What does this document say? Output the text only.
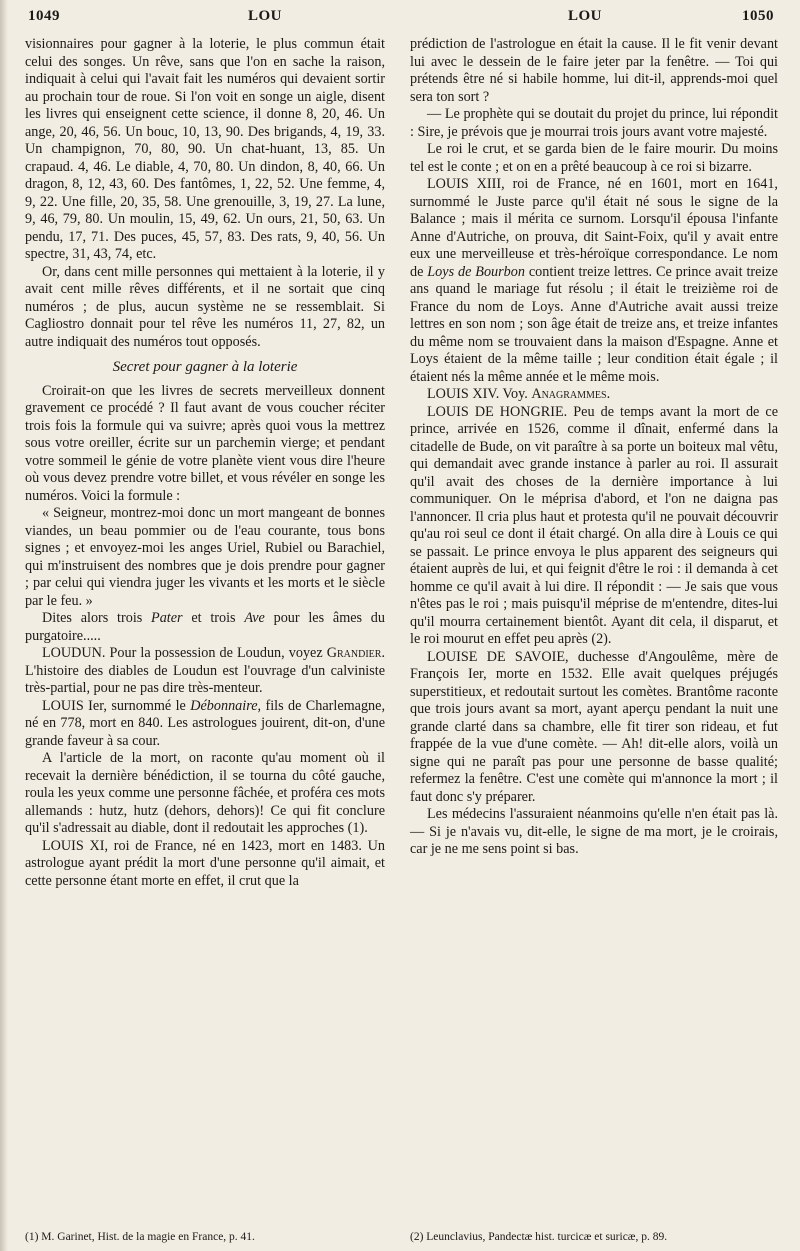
1049	LOU	LOU	1050

visionnaires pour gagner à la loterie, le plus commun était celui des songes. Un rêve, sans que l'on en sache la raison, indiquait à celui qui l'avait fait les numéros qui devaient sortir au prochain tour de roue. Si l'on voit en songe un aigle, disent les livres qui enseignent cette science, il donne 8, 20, 46. Un ange, 20, 46, 56. Un bouc, 10, 13, 90. Des brigands, 4, 19, 33. Un champignon, 70, 80, 90. Un chat-huant, 13, 85. Un crapaud. 4, 46. Le diable, 4, 70, 80. Un dindon, 8, 40, 66. Un dragon, 8, 12, 43, 60. Des fantômes, 1, 22, 52. Une femme, 4, 9, 22. Une fille, 20, 35, 58. Une grenouille, 3, 19, 27. La lune, 9, 46, 79, 80. Un moulin, 15, 49, 62. Un ours, 21, 50, 63. Un pendu, 17, 71. Des puces, 45, 57, 83. Des rats, 9, 40, 56. Un spectre, 31, 43, 74, etc.

Or, dans cent mille personnes qui mettaient à la loterie, il y avait cent mille rêves différents, et il ne sortait que cinq numéros ; de plus, aucun système ne se ressemblait. Si Cagliostro donnait pour tel rêve les numéros 11, 27, 82, un autre indiquait des numéros tout opposés.

Secret pour gagner à la loterie

Croirait-on que les livres de secrets merveilleux donnent gravement ce procédé ? Il faut avant de vous coucher réciter trois fois la formule qui va suivre; après quoi vous la mettrez sous votre oreiller, écrite sur un parchemin vierge; et pendant votre sommeil le génie de votre planète vient vous dire l'heure où vous devez prendre votre billet, et vous révéler en songe les numéros. Voici la formule :

« Seigneur, montrez-moi donc un mort mangeant de bonnes viandes, un beau pommier ou de l'eau courante, tous bons signes ; et envoyez-moi les anges Uriel, Rubiel ou Barachiel, qui m'instruisent des nombres que je dois prendre pour gagner ; par celui qui viendra juger les vivants et les morts et le siècle par le feu. »

Dites alors trois Pater et trois Ave pour les âmes du purgatoire.....

LOUDUN. Pour la possession de Loudun, voyez Grandier. L'histoire des diables de Loudun est l'ouvrage d'un calviniste très-partial, pour ne pas dire très-menteur.

LOUIS Ier, surnommé le Débonnaire, fils de Charlemagne, né en 778, mort en 840. Les astrologues jouirent, dit-on, d'une grande faveur à sa cour.

A l'article de la mort, on raconte qu'au moment où il recevait la dernière bénédiction, il se tourna du côté gauche, roula les yeux comme une personne fâchée, et proféra ces mots allemands : hutz, hutz (dehors, dehors)! Ce qui fit conclure qu'il s'adressait au diable, dont il redoutait les approches (1).

LOUIS XI, roi de France, né en 1423, mort en 1483. Un astrologue ayant prédit la mort d'une personne qu'il aimait, et cette personne étant morte en effet, il crut que la

prédiction de l'astrologue en était la cause. Il le fit venir devant lui avec le dessein de le faire jeter par la fenêtre. — Toi qui prétends être né si habile homme, lui dit-il, apprends-moi quel sera ton sort ?

— Le prophète qui se doutait du projet du prince, lui répondit : Sire, je prévois que je mourrai trois jours avant votre majesté.

Le roi le crut, et se garda bien de le faire mourir. Du moins tel est le conte ; et on en a prêté beaucoup à ce roi si bizarre.

LOUIS XIII, roi de France, né en 1601, mort en 1641, surnommé le Juste parce qu'il était né sous le signe de la Balance ; mais il mérita ce surnom. Lorsqu'il épousa l'infante Anne d'Autriche, on prouva, dit Saint-Foix, qu'il y avait entre eux une merveilleuse et très-héroïque correspondance. Le nom de Loys de Bourbon contient treize lettres. Ce prince avait treize ans quand le mariage fut résolu ; il était le treizième roi de France du nom de Loys. Anne d'Autriche avait aussi treize lettres en son nom ; son âge était de treize ans, et treize infantes du même nom se trouvaient dans la maison d'Espagne. Anne et Loys étaient de la même taille ; leur condition était égale ; il étaient nés la même année et le même mois.

LOUIS XIV. Voy. Anagrammes.

LOUIS DE HONGRIE. Peu de temps avant la mort de ce prince, arrivée en 1526, comme il dînait, enfermé dans la citadelle de Bude, on vit paraître à sa porte un boiteux mal vêtu, qui demandait avec grande instance à parler au roi. Il assurait qu'il avait des choses de la dernière importance à lui communiquer. On le méprisa d'abord, et l'on ne daigna pas l'annoncer. Il cria plus haut et protesta qu'il ne pouvait découvrir qu'au roi seul ce dont il était chargé. On alla dire à Louis ce qui se passait. Le prince envoya le plus apparent des seigneurs qui étaient auprès de lui, et qui feignit d'être le roi : il demanda à cet homme ce qu'il avait à lui dire. Il répondit : — Je sais que vous n'êtes pas le roi ; mais puisqu'il méprise de m'entendre, dites-lui qu'il mourra certainement bientôt. Ayant dit cela, il disparut, et le roi mourut en effet peu après (2).

LOUISE DE SAVOIE, duchesse d'Angoulême, mère de François Ier, morte en 1532. Elle avait quelques préjugés superstitieux, et redoutait surtout les comètes. Brantôme raconte que trois jours avant sa mort, ayant aperçu pendant la nuit une grande clarté dans sa chambre, elle fit tirer son rideau, et fut frappée de la vue d'une comète. — Ah! dit-elle alors, voilà un signe qui ne paraît pas pour une personne de basse qualité; refermez la fenêtre. C'est une comète qui m'annonce la mort ; il faut donc s'y préparer.

Les médecins l'assuraient néanmoins qu'elle n'en était pas là. — Si je n'avais vu, dit-elle, le signe de ma mort, je le croirais, car je ne me sens point si bas.

(1) M. Garinet, Hist. de la magie en France, p. 41.	(2) Leunclavius, Pandectæ hist. turcicæ et suricæ, p. 89.
